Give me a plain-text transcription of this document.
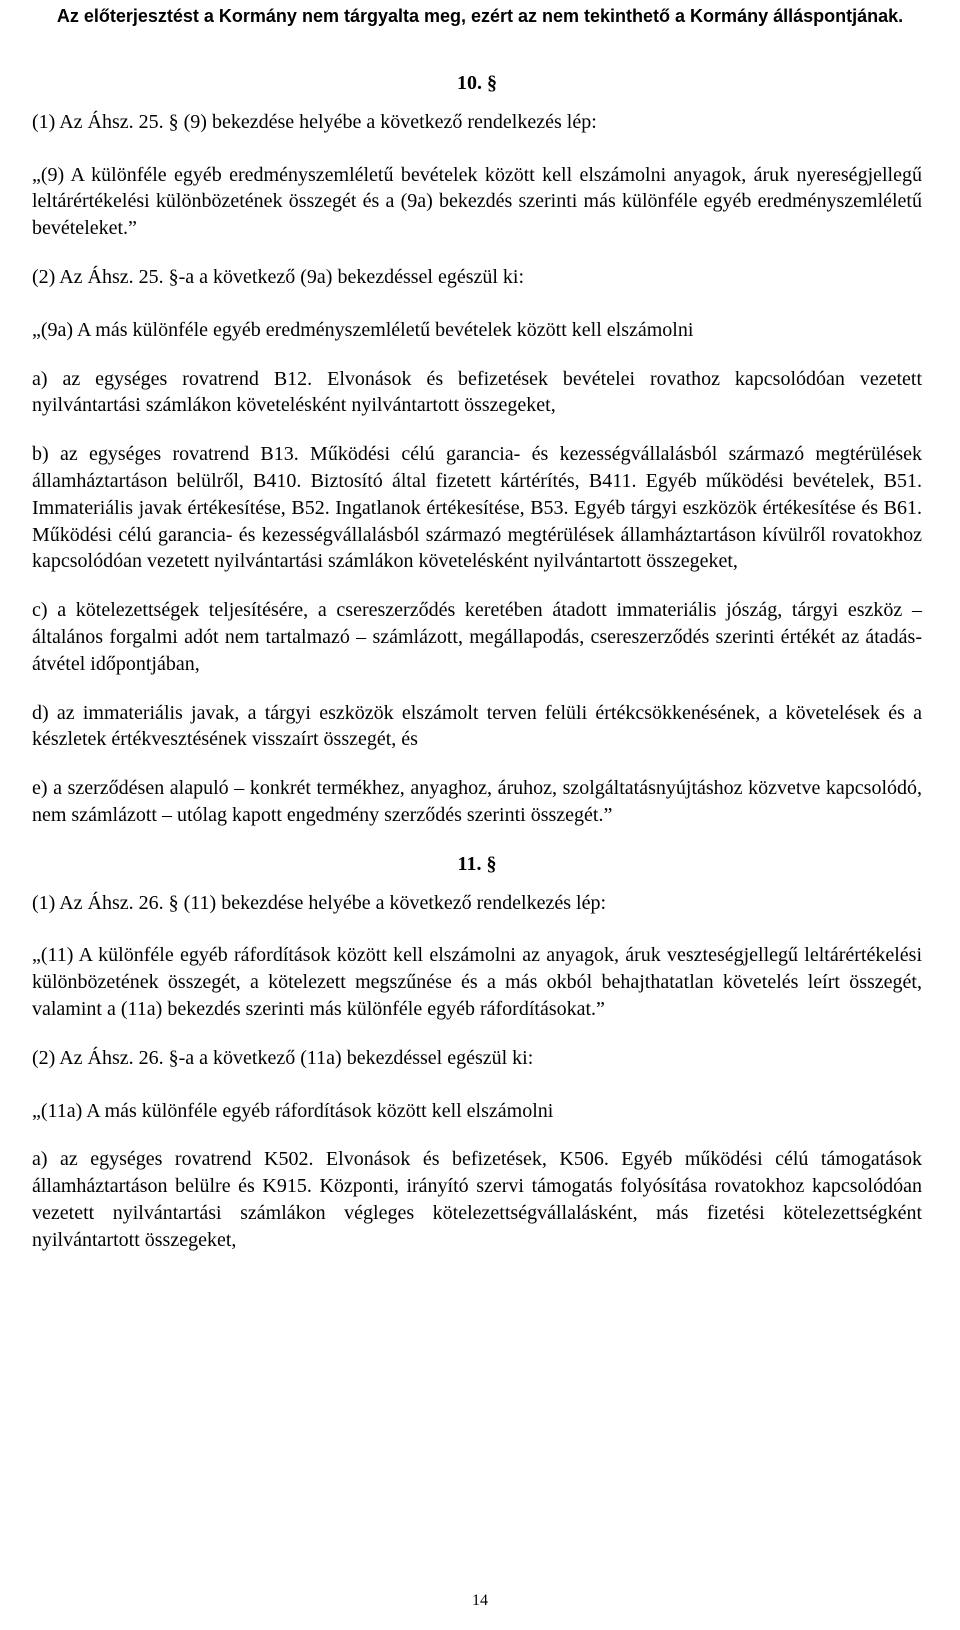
Az előterjesztést a Kormány nem tárgyalta meg, ezért az nem tekinthető a Kormány álláspontjának.
10. §

(1) Az Áhsz. 25. § (9) bekezdése helyébe a következő rendelkezés lép:

„(9) A különféle egyéb eredményszemléletű bevételek között kell elszámolni anyagok, áruk nyereségjellegű leltárértékelési különbözetének összegét és a (9a) bekezdés szerinti más különféle egyéb eredményszemléletű bevételeket.”

(2) Az Áhsz. 25. §-a a következő (9a) bekezdéssel egészül ki:

„(9a) A más különféle egyéb eredményszemléletű bevételek között kell elszámolni

a) az egységes rovatrend B12. Elvonások és befizetések bevételei rovathoz kapcsolódóan vezetett nyilvántartási számlákon követelésként nyilvántartott összegeket,

b) az egységes rovatrend B13. Működési célú garancia- és kezességvállalásból származó megtérülések államháztartáson belülről, B410. Biztosító által fizetett kártérítés, B411. Egyéb működési bevételek, B51. Immateriális javak értékesítése, B52. Ingatlanok értékesítése, B53. Egyéb tárgyi eszközök értékesítése és B61. Működési célú garancia- és kezességvállalásból származó megtérülések államháztartáson kívülről rovatokhoz kapcsolódóan vezetett nyilvántartási számlákon követelésként nyilvántartott összegeket,

c) a kötelezettségek teljesítésére, a csereszerződés keretében átadott immateriális jószág, tárgyi eszköz – általános forgalmi adót nem tartalmazó – számlázott, megállapodás, csereszerződés szerinti értékét az átadás-átvétel időpontjában,

d) az immateriális javak, a tárgyi eszközök elszámolt terven felüli értékcsökkenésének, a követelések és a készletek értékvesztésének visszaírt összegét, és

e) a szerződésen alapuló – konkrét termékhez, anyaghoz, áruhoz, szolgáltatásnyújtáshoz közvetve kapcsolódó, nem számlázott – utólag kapott engedmény szerződés szerinti összegét.”

11. §

(1) Az Áhsz. 26. § (11) bekezdése helyébe a következő rendelkezés lép:

„(11) A különféle egyéb ráfordítások között kell elszámolni az anyagok, áruk veszteségjellegű leltárértékelési különbözetének összegét, a kötelezett megszűnése és a más okból behajthatatlan követelés leírt összegét, valamint a (11a) bekezdés szerinti más különféle egyéb ráfordításokat.”

(2) Az Áhsz. 26. §-a a következő (11a) bekezdéssel egészül ki:

„(11a) A más különféle egyéb ráfordítások között kell elszámolni

a) az egységes rovatrend K502. Elvonások és befizetések, K506. Egyéb működési célú támogatások államháztartáson belülre és K915. Központi, irányító szervi támogatás folyósítása rovatokhoz kapcsolódóan vezetett nyilvántartási számlákon végleges kötelezettségvállalásként, más fizetési kötelezettségként nyilvántartott összegeket,

14
